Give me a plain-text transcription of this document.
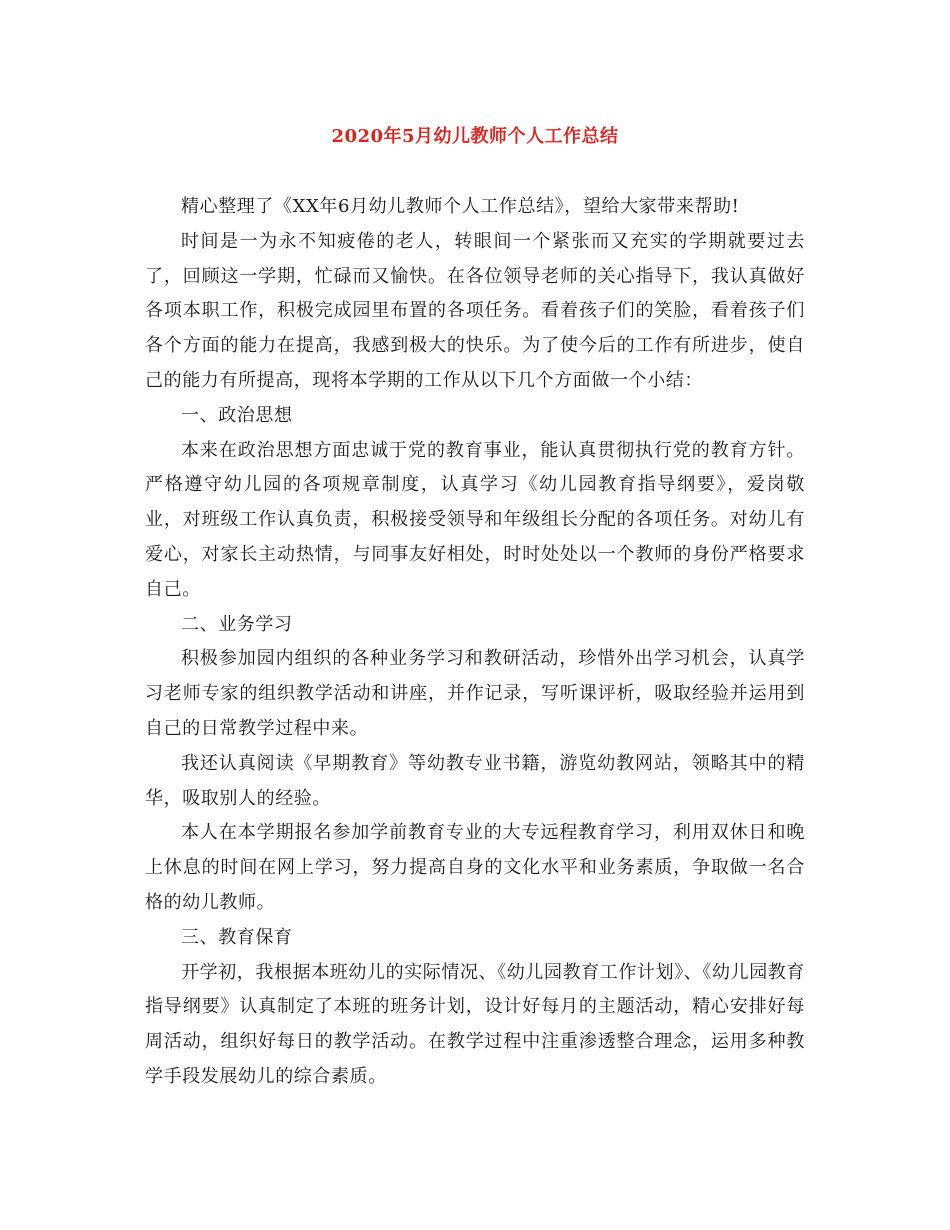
2020年5月幼儿教师个人工作总结

精心整理了《XX年6月幼儿教师个人工作总结》，望给大家带来帮助!

时间是一为永不知疲倦的老人，转眼间一个紧张而又充实的学期就要过去了，回顾这一学期，忙碌而又愉快。在各位领导老师的关心指导下，我认真做好各项本职工作，积极完成园里布置的各项任务。看着孩子们的笑脸，看着孩子们各个方面的能力在提高，我感到极大的快乐。为了使今后的工作有所进步，使自己的能力有所提高，现将本学期的工作从以下几个方面做一个小结：

一、政治思想

本来在政治思想方面忠诚于党的教育事业，能认真贯彻执行党的教育方针。严格遵守幼儿园的各项规章制度，认真学习《幼儿园教育指导纲要》，爱岗敬业，对班级工作认真负责，积极接受领导和年级组长分配的各项任务。对幼儿有爱心，对家长主动热情，与同事友好相处，时时处处以一个教师的身份严格要求自己。

二、业务学习

积极参加园内组织的各种业务学习和教研活动，珍惜外出学习机会，认真学习老师专家的组织教学活动和讲座，并作记录，写听课评析，吸取经验并运用到自己的日常教学过程中来。

我还认真阅读《早期教育》等幼教专业书籍，游览幼教网站，领略其中的精华，吸取别人的经验。

本人在本学期报名参加学前教育专业的大专远程教育学习，利用双休日和晚上休息的时间在网上学习，努力提高自身的文化水平和业务素质，争取做一名合格的幼儿教师。

三、教育保育

开学初，我根据本班幼儿的实际情况、《幼儿园教育工作计划》、《幼儿园教育指导纲要》认真制定了本班的班务计划，设计好每月的主题活动，精心安排好每周活动，组织好每日的教学活动。在教学过程中注重渗透整合理念，运用多种教学手段发展幼儿的综合素质。
